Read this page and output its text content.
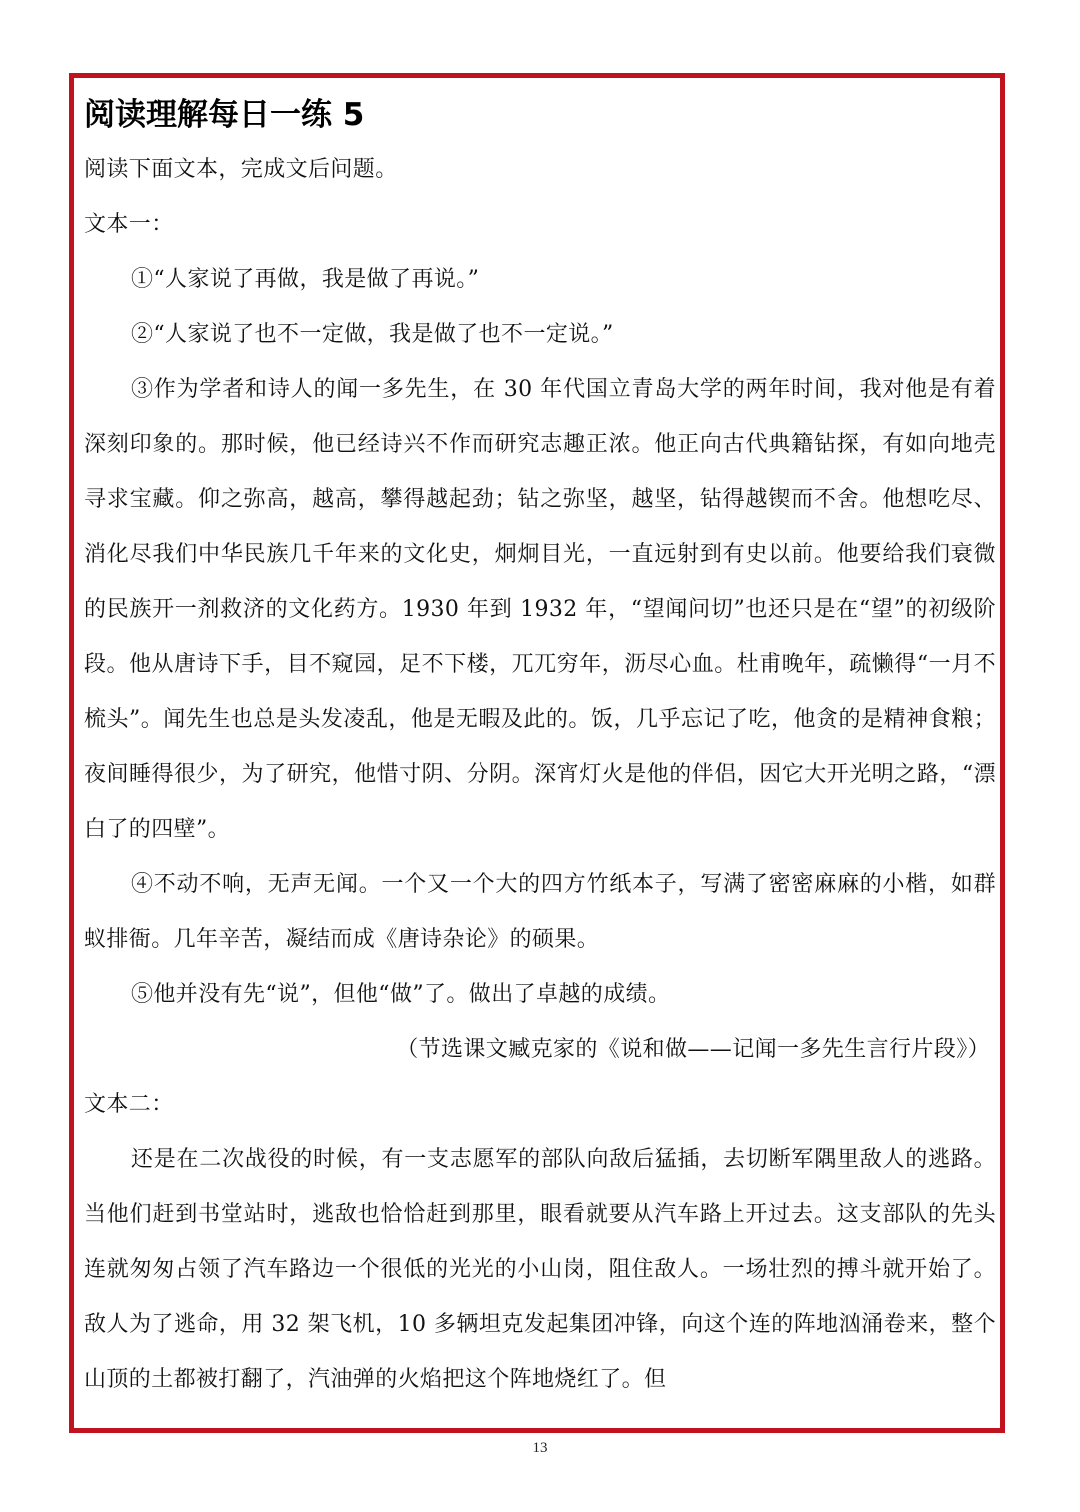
阅读理解每日一练 5

阅读下面文本，完成文后问题。

文本一：

①“人家说了再做，我是做了再说。”

②“人家说了也不一定做，我是做了也不一定说。”

③作为学者和诗人的闻一多先生，在 30 年代国立青岛大学的两年时间，我对他是有着深刻印象的。那时候，他已经诗兴不作而研究志趣正浓。他正向古代典籍钻探，有如向地壳寻求宝藏。仰之弥高，越高，攀得越起劲；钻之弥坚，越坚，钻得越锲而不舍。他想吃尽、消化尽我们中华民族几千年来的文化史，炯炯目光，一直远射到有史以前。他要给我们衰微的民族开一剂救济的文化药方。1930 年到 1932 年，“望闻问切”也还只是在“望”的初级阶段。他从唐诗下手，目不窥园，足不下楼，兀兀穷年，沥尽心血。杜甫晚年，疏懒得“一月不梳头”。闻先生也总是头发凌乱，他是无暇及此的。饭，几乎忘记了吃，他贪的是精神食粮；夜间睡得很少，为了研究，他惜寸阴、分阴。深宵灯火是他的伴侣，因它大开光明之路，“漂白了的四壁”。

④不动不响，无声无闻。一个又一个大的四方竹纸本子，写满了密密麻麻的小楷，如群蚁排衙。几年辛苦，凝结而成《唐诗杂论》的硕果。

⑤他并没有先“说”，但他“做”了。做出了卓越的成绩。

（节选课文臧克家的《说和做——记闻一多先生言行片段》）

文本二：

还是在二次战役的时候，有一支志愿军的部队向敌后猛插，去切断军隅里敌人的逃路。当他们赶到书堂站时，逃敌也恰恰赶到那里，眼看就要从汽车路上开过去。这支部队的先头连就匆匆占领了汽车路边一个很低的光光的小山岗，阻住敌人。一场壮烈的搏斗就开始了。敌人为了逃命，用 32 架飞机，10 多辆坦克发起集团冲锋，向这个连的阵地汹涌卷来，整个山顶的土都被打翻了，汽油弹的火焰把这个阵地烧红了。但

13
